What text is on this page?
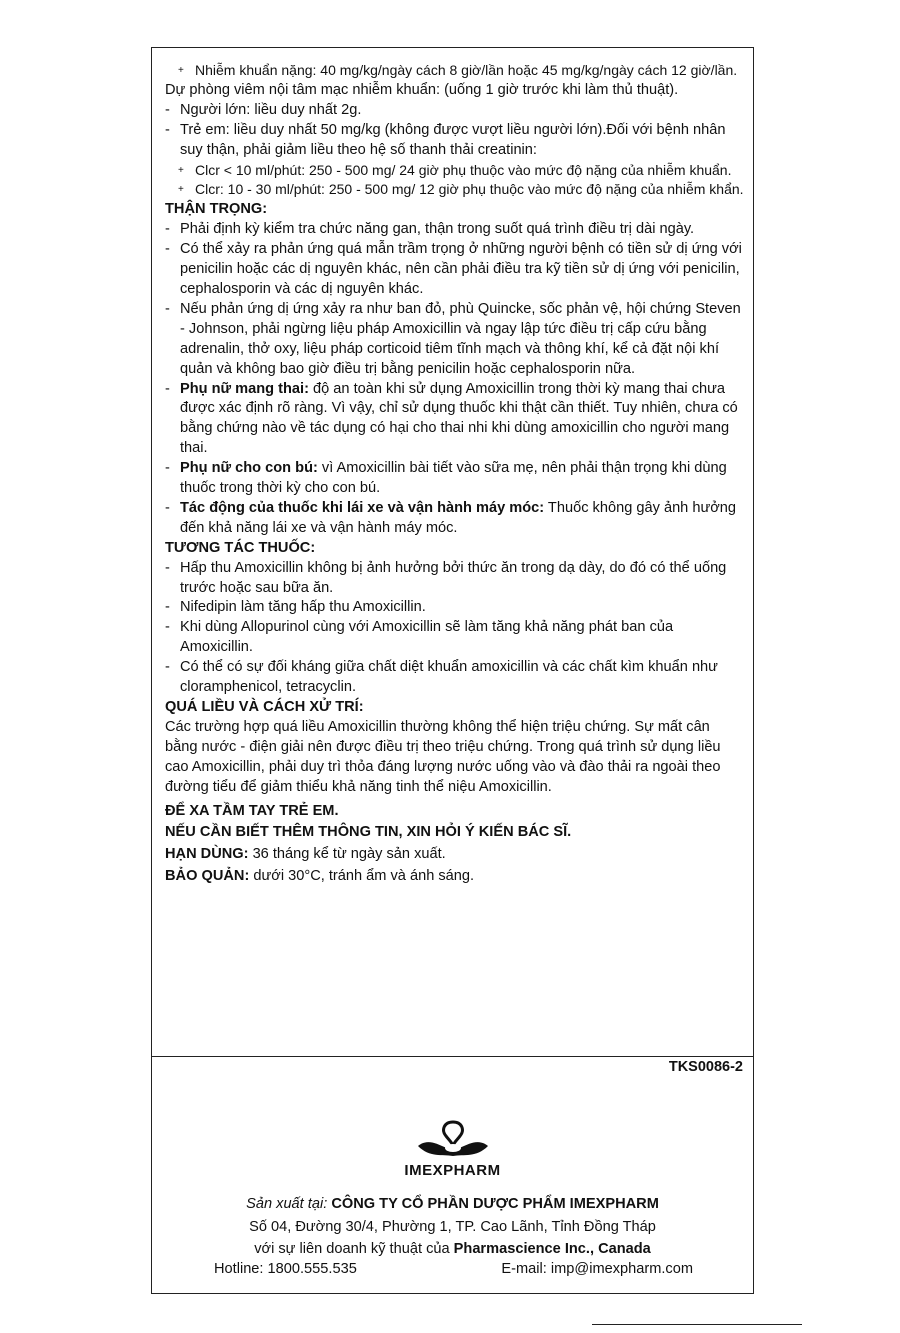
+ Nhiễm khuẩn nặng: 40 mg/kg/ngày cách 8 giờ/lần hoặc 45 mg/kg/ngày cách 12 giờ/lần.

Dự phòng viêm nội tâm mạc nhiễm khuẩn: (uống 1 giờ trước khi làm thủ thuật).

- Người lớn: liều duy nhất 2g.
- Trẻ em: liều duy nhất 50 mg/kg (không được vượt liều người lớn).Đối với bệnh nhân suy thận, phải giảm liều theo hệ số thanh thải creatinin:
+ Clcr < 10 ml/phút: 250 - 500 mg/ 24 giờ phụ thuộc vào mức độ nặng của nhiễm khuẩn.
+ Clcr: 10 - 30 ml/phút: 250 - 500 mg/ 12 giờ phụ thuộc vào mức độ nặng của nhiễm khẩn.

THẬN TRỌNG:

- Phải định kỳ kiểm tra chức năng gan, thận trong suốt quá trình điều trị dài ngày.
- Có thể xảy ra phản ứng quá mẫn trầm trọng ở những người bệnh có tiền sử dị ứng với penicilin hoặc các dị nguyên khác, nên cần phải điều tra kỹ tiền sử dị ứng với penicilin, cephalosporin và các dị nguyên khác.
- Nếu phản ứng dị ứng xảy ra như ban đỏ, phù Quincke, sốc phản vệ, hội chứng Steven - Johnson, phải ngừng liệu pháp Amoxicillin và ngay lập tức điều trị cấp cứu bằng adrenalin, thở oxy, liệu pháp corticoid tiêm tĩnh mạch và thông khí, kể cả đặt nội khí quản và không bao giờ điều trị bằng penicilin hoặc cephalosporin nữa.
- Phụ nữ mang thai: độ an toàn khi sử dụng Amoxicillin trong thời kỳ mang thai chưa được xác định rõ ràng. Vì vậy, chỉ sử dụng thuốc khi thật cần thiết. Tuy nhiên, chưa có bằng chứng nào về tác dụng có hại cho thai nhi khi dùng amoxicillin cho người mang thai.
- Phụ nữ cho con bú: vì Amoxicillin bài tiết vào sữa mẹ, nên phải thận trọng khi dùng thuốc trong thời kỳ cho con bú.
- Tác động của thuốc khi lái xe và vận hành máy móc: Thuốc không gây ảnh hưởng đến khả năng lái xe và vận hành máy móc.

TƯƠNG TÁC THUỐC:

- Hấp thu Amoxicillin không bị ảnh hưởng bởi thức ăn trong dạ dày, do đó có thể uống trước hoặc sau bữa ăn.
- Nifedipin làm tăng hấp thu Amoxicillin.
- Khi dùng Allopurinol cùng với Amoxicillin sẽ làm tăng khả năng phát ban của Amoxicillin.
- Có thể có sự đối kháng giữa chất diệt khuẩn amoxicillin và các chất kìm khuẩn như cloramphenicol, tetracyclin.

QUÁ LIỀU VÀ CÁCH XỬ TRÍ:

Các trường hợp quá liều Amoxicillin thường không thể hiện triệu chứng. Sự mất cân bằng nước - điện giải nên được điều trị theo triệu chứng. Trong quá trình sử dụng liều cao Amoxicillin, phải duy trì thỏa đáng lượng nước uống vào và đào thải ra ngoài theo đường tiểu để giảm thiểu khả năng tinh thể niệu Amoxicillin.

ĐỂ XA TẦM TAY TRẺ EM.

NẾU CẦN BIẾT THÊM THÔNG TIN, XIN HỎI Ý KIẾN BÁC SĨ.

HẠN DÙNG: 36 tháng kể từ ngày sản xuất.

BẢO QUẢN: dưới 30°C, tránh ẩm và ánh sáng.

TKS0086-2
IMEXPHARM
Sản xuất tại: CÔNG TY CỔ PHẦN DƯỢC PHẨM IMEXPHARM
Số 04, Đường 30/4, Phường 1, TP. Cao Lãnh, Tỉnh Đồng Tháp
với sự liên doanh kỹ thuật của Pharmascience Inc., Canada
Hotline: 1800.555.535	E-mail: imp@imexpharm.com
